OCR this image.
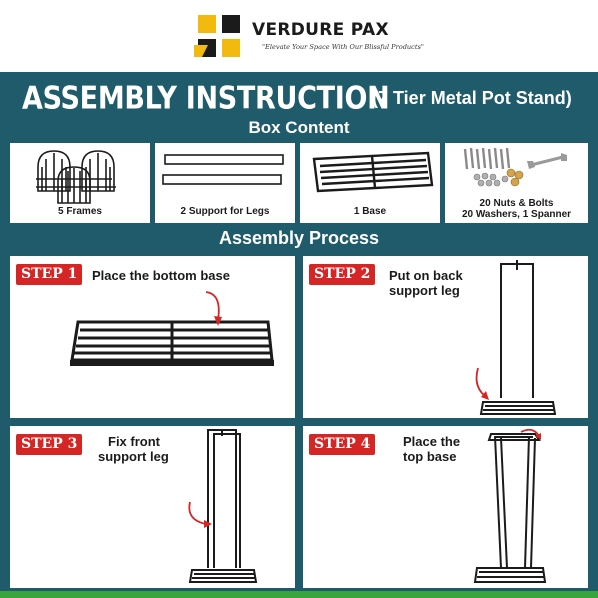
VERDURE PAX
"Elevate Your Space With Our Blissful Products"
ASSEMBLY INSTRUCTION
(7 Tier Metal Pot Stand)
Box Content
5 Frames	2 Support for Legs	1 Base
20 Nuts & Bolts
20 Washers, 1 Spanner
Assembly Process
STEP 1	Place the bottom base	STEP 2	Put on back
support leg
STEP 3	Fix front
support leg
STEP 4	Place the
top base
